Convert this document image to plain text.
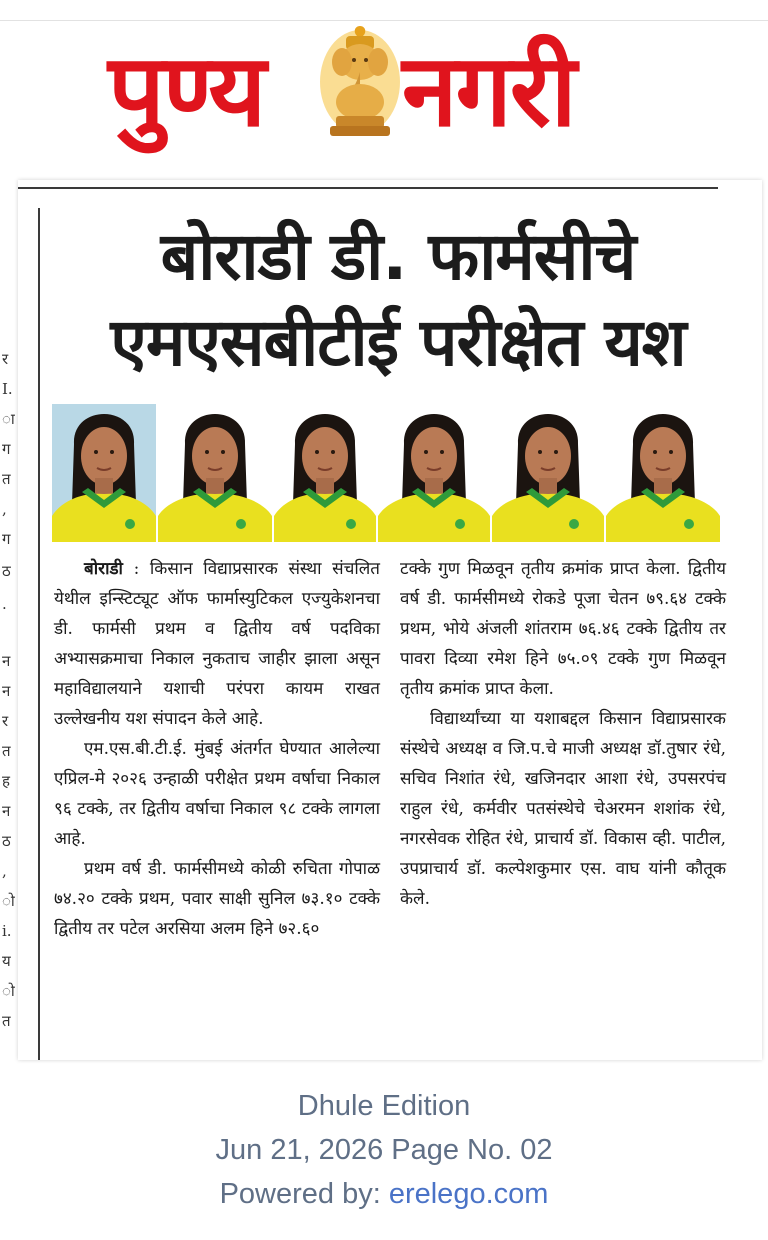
पुण्य नगरी
र
I.
ा
ग
त
,
ग
ठ
.
न
न
र
त
ह
न
ठ
,
ो
i.
य
ो
त
बोराडी डी. फार्मसीचे
एमएसबीटीई परीक्षेत यश

बोराडी : किसान विद्याप्रसारक संस्था संचलित येथील इन्स्टिट्यूट ऑफ फार्मास्युटिकल एज्युकेशनचा डी. फार्मसी प्रथम व द्वितीय वर्ष पदविका अभ्यासक्रमाचा निकाल नुकताच जाहीर झाला असून महाविद्यालयाने यशाची परंपरा कायम राखत उल्लेखनीय यश संपादन केले आहे.

एम.एस.बी.टी.ई. मुंबई अंतर्गत घेण्यात आलेल्या एप्रिल-मे २०२६ उन्हाळी परीक्षेत प्रथम वर्षाचा निकाल ९६ टक्के, तर द्वितीय वर्षाचा निकाल ९८ टक्के लागला आहे.

प्रथम वर्ष डी. फार्मसीमध्ये कोळी रुचिता गोपाळ ७४.२० टक्के प्रथम, पवार साक्षी सुनिल ७३.१० टक्के द्वितीय तर पटेल अरसिया अलम हिने ७२.६०

टक्के गुण मिळवून तृतीय क्रमांक प्राप्त केला. द्वितीय वर्ष डी. फार्मसीमध्ये रोकडे पूजा चेतन ७९.६४ टक्के प्रथम, भोये अंजली शांतराम ७६.४६ टक्के द्वितीय तर पावरा दिव्या रमेश हिने ७५.०९ टक्के गुण मिळवून तृतीय क्रमांक प्राप्त केला.

विद्यार्थ्यांच्या या यशाबद्दल किसान विद्याप्रसारक संस्थेचे अध्यक्ष व जि.प.चे माजी अध्यक्ष डॉ.तुषार रंधे, सचिव निशांत रंधे, खजिनदार आशा रंधे, उपसरपंच राहुल रंधे, कर्मवीर पतसंस्थेचे चेअरमन शशांक रंधे, नगरसेवक रोहित रंधे, प्राचार्य डॉ. विकास व्ही. पाटील, उपप्राचार्य डॉ. कल्पेशकुमार एस. वाघ यांनी कौतूक केले.

Dhule Edition
Jun 21, 2026 Page No. 02
Powered by: erelego.com
